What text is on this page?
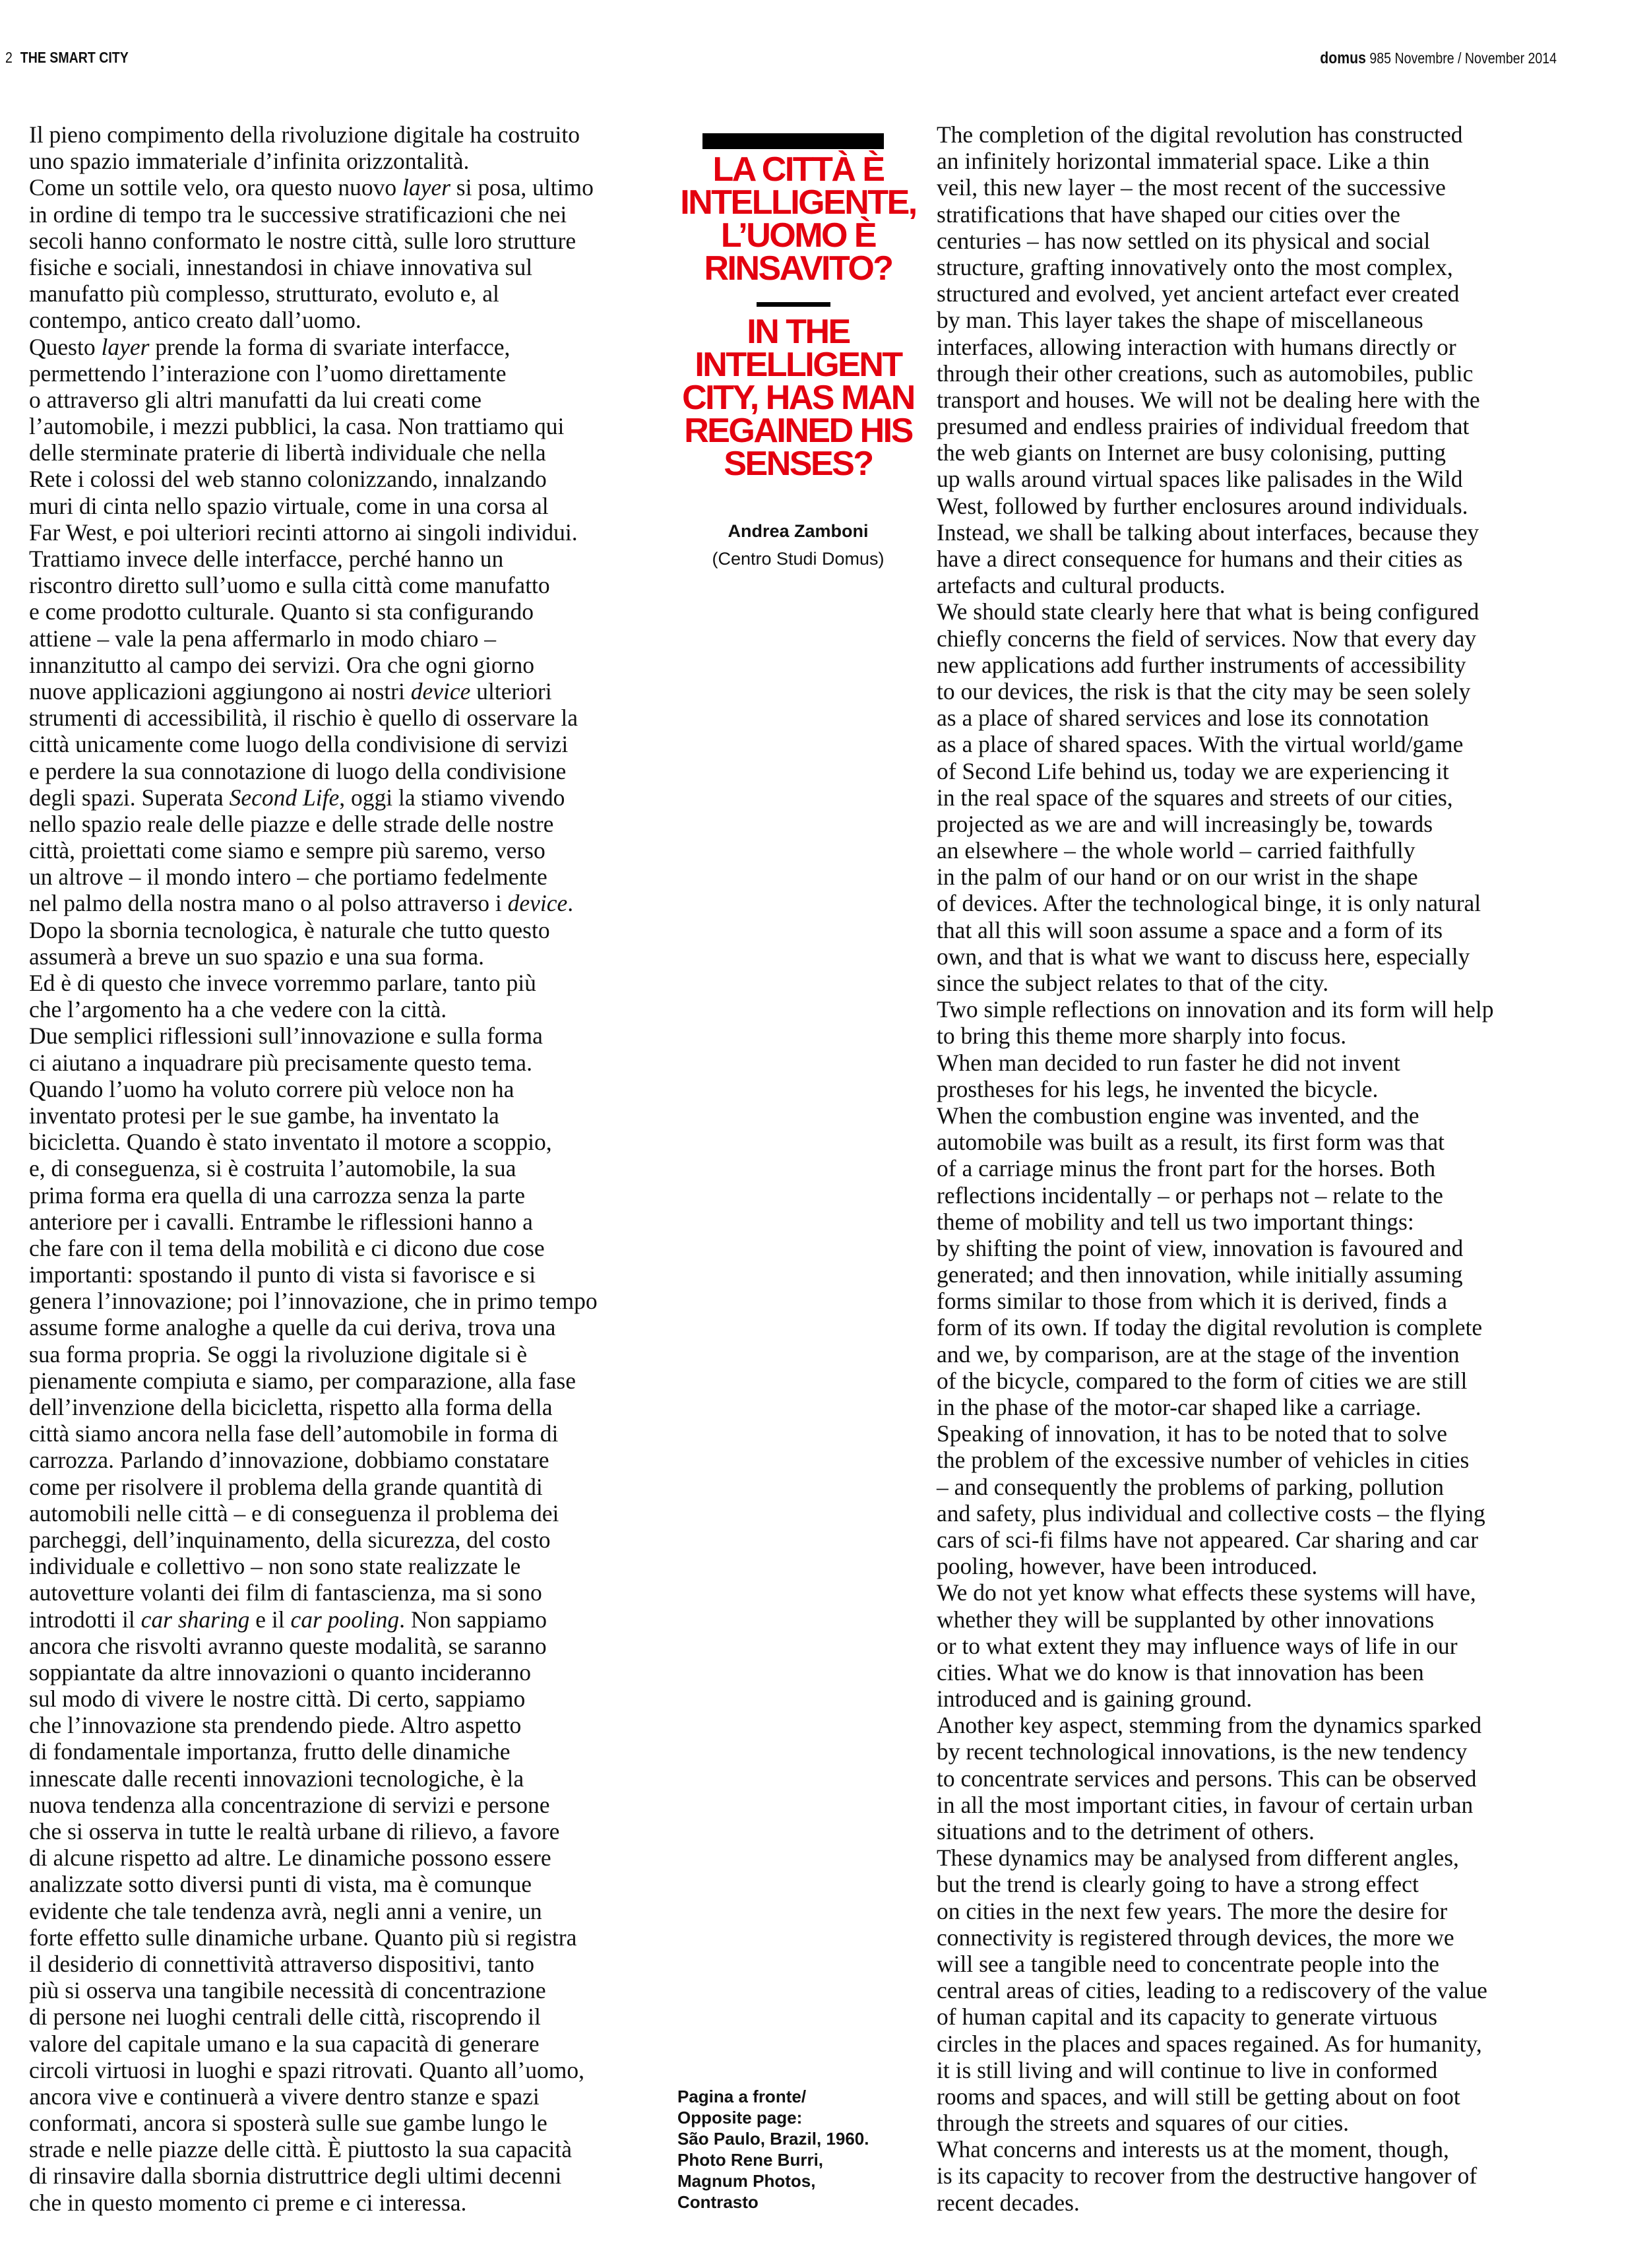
2 THE SMART CITY	domus 985 Novembre / November 2014
Il pieno compimento della rivoluzione digitale ha costruito
uno spazio immateriale d’infinita orizzontalità.
Come un sottile velo, ora questo nuovo layer si posa, ultimo
in ordine di tempo tra le successive stratificazioni che nei
secoli hanno conformato le nostre città, sulle loro strutture
fisiche e sociali, innestandosi in chiave innovativa sul
manufatto più complesso, strutturato, evoluto e, al
contempo, antico creato dall’uomo.
Questo layer prende la forma di svariate interfacce,
permettendo l’interazione con l’uomo direttamente
o attraverso gli altri manufatti da lui creati come
l’automobile, i mezzi pubblici, la casa. Non trattiamo qui
delle sterminate praterie di libertà individuale che nella
Rete i colossi del web stanno colonizzando, innalzando
muri di cinta nello spazio virtuale, come in una corsa al
Far West, e poi ulteriori recinti attorno ai singoli individui.
Trattiamo invece delle interfacce, perché hanno un
riscontro diretto sull’uomo e sulla città come manufatto
e come prodotto culturale. Quanto si sta configurando
attiene – vale la pena affermarlo in modo chiaro –
innanzitutto al campo dei servizi. Ora che ogni giorno
nuove applicazioni aggiungono ai nostri device ulteriori
strumenti di accessibilità, il rischio è quello di osservare la
città unicamente come luogo della condivisione di servizi
e perdere la sua connotazione di luogo della condivisione
degli spazi. Superata Second Life, oggi la stiamo vivendo
nello spazio reale delle piazze e delle strade delle nostre
città, proiettati come siamo e sempre più saremo, verso
un altrove – il mondo intero – che portiamo fedelmente
nel palmo della nostra mano o al polso attraverso i device.
Dopo la sbornia tecnologica, è naturale che tutto questo
assumerà a breve un suo spazio e una sua forma.
Ed è di questo che invece vorremmo parlare, tanto più
che l’argomento ha a che vedere con la città.
Due semplici riflessioni sull’innovazione e sulla forma
ci aiutano a inquadrare più precisamente questo tema.
Quando l’uomo ha voluto correre più veloce non ha
inventato protesi per le sue gambe, ha inventato la
bicicletta. Quando è stato inventato il motore a scoppio,
e, di conseguenza, si è costruita l’automobile, la sua
prima forma era quella di una carrozza senza la parte
anteriore per i cavalli. Entrambe le riflessioni hanno a
che fare con il tema della mobilità e ci dicono due cose
importanti: spostando il punto di vista si favorisce e si
genera l’innovazione; poi l’innovazione, che in primo tempo
assume forme analoghe a quelle da cui deriva, trova una
sua forma propria. Se oggi la rivoluzione digitale si è
pienamente compiuta e siamo, per comparazione, alla fase
dell’invenzione della bicicletta, rispetto alla forma della
città siamo ancora nella fase dell’automobile in forma di
carrozza. Parlando d’innovazione, dobbiamo constatare
come per risolvere il problema della grande quantità di
automobili nelle città – e di conseguenza il problema dei
parcheggi, dell’inquinamento, della sicurezza, del costo
individuale e collettivo – non sono state realizzate le
autovetture volanti dei film di fantascienza, ma si sono
introdotti il car sharing e il car pooling. Non sappiamo
ancora che risvolti avranno queste modalità, se saranno
soppiantate da altre innovazioni o quanto incideranno
sul modo di vivere le nostre città. Di certo, sappiamo
che l’innovazione sta prendendo piede. Altro aspetto
di fondamentale importanza, frutto delle dinamiche
innescate dalle recenti innovazioni tecnologiche, è la
nuova tendenza alla concentrazione di servizi e persone
che si osserva in tutte le realtà urbane di rilievo, a favore
di alcune rispetto ad altre. Le dinamiche possono essere
analizzate sotto diversi punti di vista, ma è comunque
evidente che tale tendenza avrà, negli anni a venire, un
forte effetto sulle dinamiche urbane. Quanto più si registra
il desiderio di connettività attraverso dispositivi, tanto
più si osserva una tangibile necessità di concentrazione
di persone nei luoghi centrali delle città, riscoprendo il
valore del capitale umano e la sua capacità di generare
circoli virtuosi in luoghi e spazi ritrovati. Quanto all’uomo,
ancora vive e continuerà a vivere dentro stanze e spazi
conformati, ancora si sposterà sulle sue gambe lungo le
strade e nelle piazze delle città. È piuttosto la sua capacità
di rinsavire dalla sbornia distruttrice degli ultimi decenni
che in questo momento ci preme e ci interessa.
LA CITTÀ È
INTELLIGENTE,
L’UOMO È
RINSAVITO?
IN THE
INTELLIGENT
CITY, HAS MAN
REGAINED HIS
SENSES?
Andrea Zamboni
(Centro Studi Domus)
Pagina a fronte/
Opposite page:
São Paulo, Brazil, 1960.
Photo Rene Burri,
Magnum Photos,
Contrasto
The completion of the digital revolution has constructed
an infinitely horizontal immaterial space. Like a thin
veil, this new layer – the most recent of the successive
stratifications that have shaped our cities over the
centuries – has now settled on its physical and social
structure, grafting innovatively onto the most complex,
structured and evolved, yet ancient artefact ever created
by man. This layer takes the shape of miscellaneous
interfaces, allowing interaction with humans directly or
through their other creations, such as automobiles, public
transport and houses. We will not be dealing here with the
presumed and endless prairies of individual freedom that
the web giants on Internet are busy colonising, putting
up walls around virtual spaces like palisades in the Wild
West, followed by further enclosures around individuals.
Instead, we shall be talking about interfaces, because they
have a direct consequence for humans and their cities as
artefacts and cultural products.
We should state clearly here that what is being configured
chiefly concerns the field of services. Now that every day
new applications add further instruments of accessibility
to our devices, the risk is that the city may be seen solely
as a place of shared services and lose its connotation
as a place of shared spaces. With the virtual world/game
of Second Life behind us, today we are experiencing it
in the real space of the squares and streets of our cities,
projected as we are and will increasingly be, towards
an elsewhere – the whole world – carried faithfully
in the palm of our hand or on our wrist in the shape
of devices. After the technological binge, it is only natural
that all this will soon assume a space and a form of its
own, and that is what we want to discuss here, especially
since the subject relates to that of the city.
Two simple reflections on innovation and its form will help
to bring this theme more sharply into focus.
When man decided to run faster he did not invent
prostheses for his legs, he invented the bicycle.
When the combustion engine was invented, and the
automobile was built as a result, its first form was that
of a carriage minus the front part for the horses. Both
reflections incidentally – or perhaps not – relate to the
theme of mobility and tell us two important things:
by shifting the point of view, innovation is favoured and
generated; and then innovation, while initially assuming
forms similar to those from which it is derived, finds a
form of its own. If today the digital revolution is complete
and we, by comparison, are at the stage of the invention
of the bicycle, compared to the form of cities we are still
in the phase of the motor-car shaped like a carriage.
Speaking of innovation, it has to be noted that to solve
the problem of the excessive number of vehicles in cities
– and consequently the problems of parking, pollution
and safety, plus individual and collective costs – the flying
cars of sci-fi films have not appeared. Car sharing and car
pooling, however, have been introduced.
We do not yet know what effects these systems will have,
whether they will be supplanted by other innovations
or to what extent they may influence ways of life in our
cities. What we do know is that innovation has been
introduced and is gaining ground.
Another key aspect, stemming from the dynamics sparked
by recent technological innovations, is the new tendency
to concentrate services and persons. This can be observed
in all the most important cities, in favour of certain urban
situations and to the detriment of others.
These dynamics may be analysed from different angles,
but the trend is clearly going to have a strong effect
on cities in the next few years. The more the desire for
connectivity is registered through devices, the more we
will see a tangible need to concentrate people into the
central areas of cities, leading to a rediscovery of the value
of human capital and its capacity to generate virtuous
circles in the places and spaces regained. As for humanity,
it is still living and will continue to live in conformed
rooms and spaces, and will still be getting about on foot
through the streets and squares of our cities.
What concerns and interests us at the moment, though,
is its capacity to recover from the destructive hangover of
recent decades.
